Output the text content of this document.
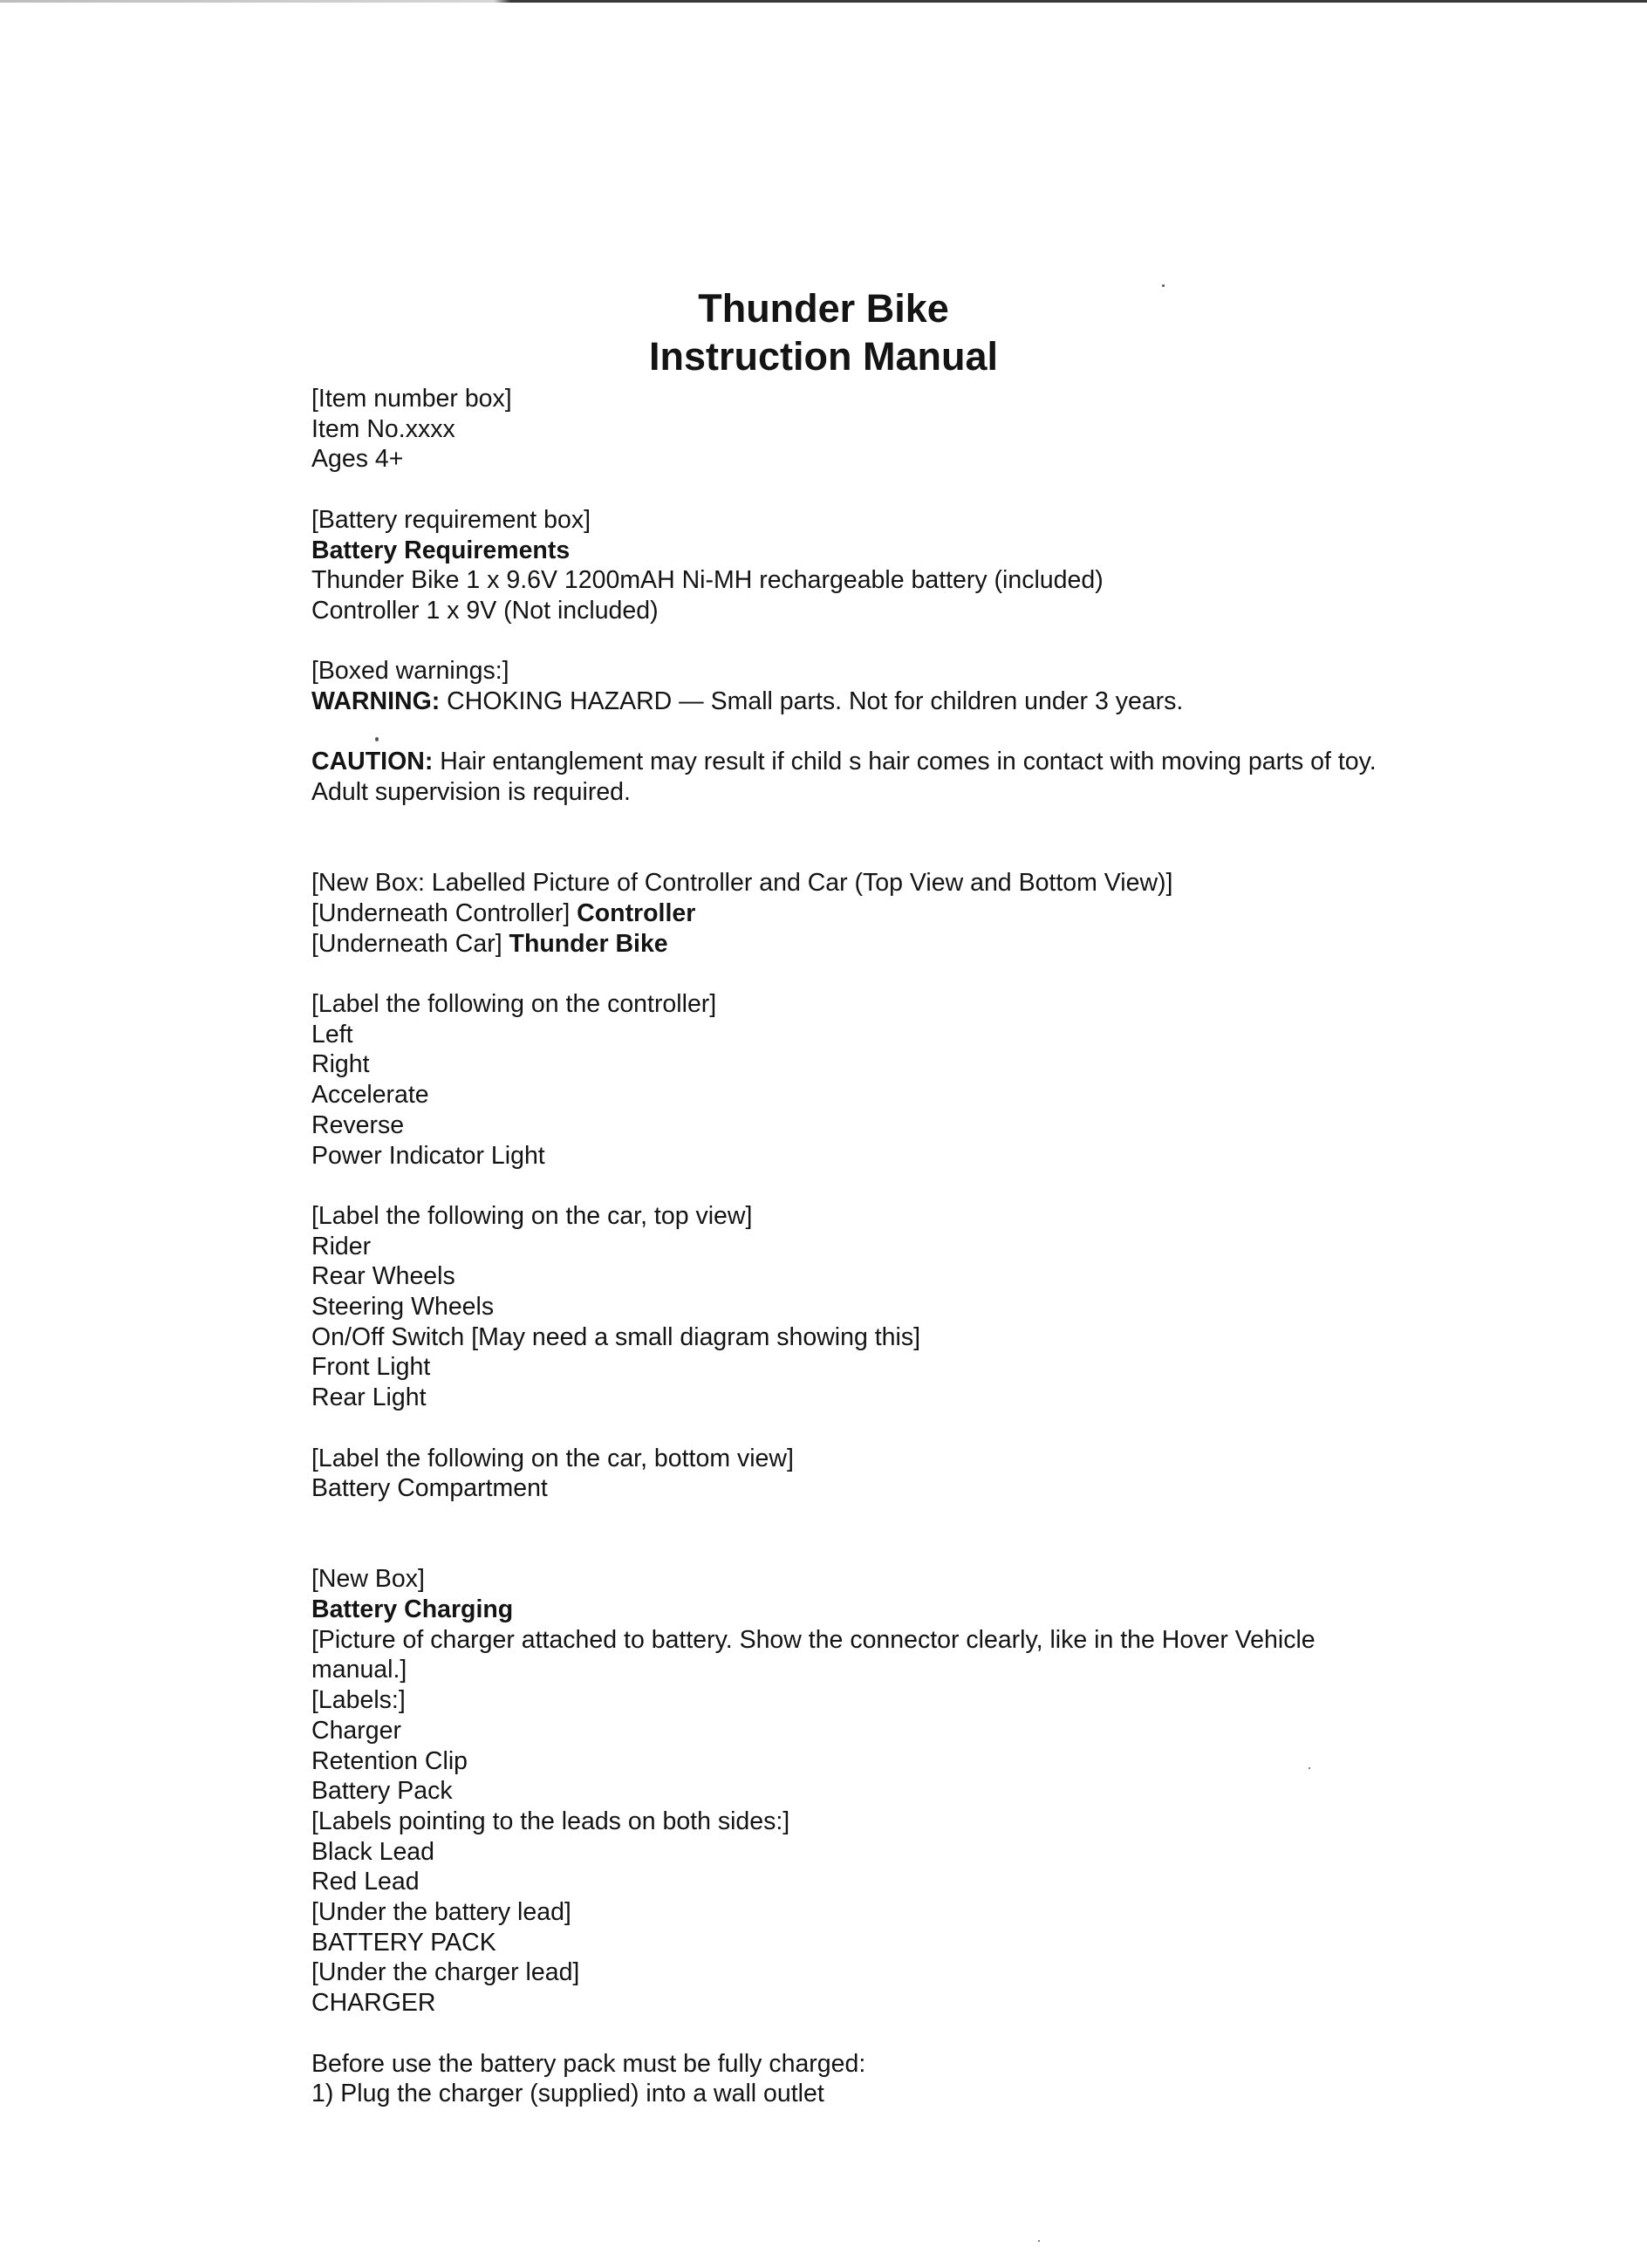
Thunder Bike
Instruction Manual
[Item number box]
Item No.xxxx
Ages 4+
[Battery requirement box]
Battery Requirements
Thunder Bike 1 x 9.6V 1200mAH Ni-MH rechargeable battery (included)
Controller 1 x 9V (Not included)
[Boxed warnings:]
WARNING: CHOKING HAZARD — Small parts. Not for children under 3 years.
CAUTION: Hair entanglement may result if child s hair comes in contact with moving parts of toy. Adult supervision is required.
[New Box: Labelled Picture of Controller and Car (Top View and Bottom View)]
[Underneath Controller] Controller
[Underneath Car] Thunder Bike
[Label the following on the controller]
Left
Right
Accelerate
Reverse
Power Indicator Light
[Label the following on the car, top view]
Rider
Rear Wheels
Steering Wheels
On/Off Switch [May need a small diagram showing this]
Front Light
Rear Light
[Label the following on the car, bottom view]
Battery Compartment
[New Box]
Battery Charging
[Picture of charger attached to battery. Show the connector clearly, like in the Hover Vehicle manual.]
[Labels:]
Charger
Retention Clip
Battery Pack
[Labels pointing to the leads on both sides:]
Black Lead
Red Lead
[Under the battery lead]
BATTERY PACK
[Under the charger lead]
CHARGER
Before use the battery pack must be fully charged:
1) Plug the charger (supplied) into a wall outlet
